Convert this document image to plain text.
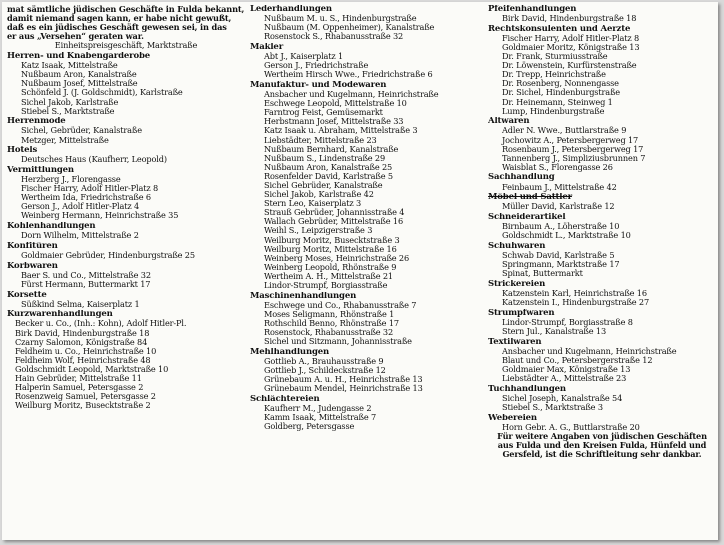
mat sämtliche jüdischen Geschäfte in Fulda bekannt,
damit niemand sagen kann, er habe nicht gewußt,
daß es ein jüdisches Geschäft gewesen sei, in das
er aus „Versehen“ geraten war.
Einheitspreisgeschäft, Marktstraße
Herren- und Knabengarderobe
Katz Isaak, Mittelstraße
Nußbaum Aron, Kanalstraße
Nußbaum Josef, Mittelstraße
Schönfeld J. (J. Goldschmidt), Karlstraße
Sichel Jakob, Karlstraße
Stiebel S., Marktstraße
Herrenmode
Sichel, Gebrüder, Kanalstraße
Metzger, Mittelstraße
Hotels
Deutsches Haus (Kaufherr, Leopold)
Vermittlungen
Herzberg J., Florengasse
Fischer Harry, Adolf Hitler-Platz 8
Wertheim Ida, Friedrichstraße 6
Gerson J., Adolf Hitler-Platz 4
Weinberg Hermann, Heinrichstraße 35
Kohlenhandlungen
Dorn Wilhelm, Mittelstraße 2
Konfitüren
Goldmaier Gebrüder, Hindenburgstraße 25
Korbwaren
Baer S. und Co., Mittelstraße 32
Fürst Hermann, Buttermarkt 17
Korsette
Süßkind Selma, Kaiserplatz 1
Kurzwarenhandlungen
Becker u. Co., (Inh.: Kohn), Adolf Hitler-Pl.
Birk David, Hindenburgstraße 18
Czarny Salomon, Königstraße 84
Feldheim u. Co., Heinrichstraße 10
Feldheim Wolf, Heinrichstraße 48
Goldschmidt Leopold, Marktstraße 10
Hain Gebrüder, Mittelstraße 11
Halperin Samuel, Petersgasse 2
Rosenzweig Samuel, Petersgasse 2
Weilburg Moritz, Busecktstraße 2
Lederhandlungen
Nußbaum M. u. S., Hindenburgstraße
Nußbaum (M. Oppenheimer), Kanalstraße
Rosenstock S., Rhabanusstraße 32
Makler
Abt J., Kaiserplatz 1
Gerson J., Friedrichstraße
Wertheim Hirsch Wwe., Friedrichstraße 6
Manufaktur- und Modewaren
Ansbacher und Kugelmann, Heinrichstraße
Eschwege Leopold, Mittelstraße 10
Farntrog Feist, Gemüsemarkt
Herbstmann Josef, Mittelstraße 33
Katz Isaak u. Abraham, Mittelstraße 3
Liebstädter, Mittelstraße 23
Nußbaum Bernhard, Kanalstraße
Nußbaum S., Lindenstraße 29
Nußbaum Aron, Kanalstraße 25
Rosenfelder David, Karlstraße 5
Sichel Gebrüder, Kanalstraße
Sichel Jakob, Karlstraße 42
Stern Leo, Kaiserplatz 3
Strauß Gebrüder, Johannisstraße 4
Wallach Gebrüder, Mittelstraße 16
Weihl S., Leipzigerstraße 3
Weilburg Moritz, Busecktstraße 3
Weilburg Moritz, Mittelstraße 16
Weinberg Moses, Heinrichstraße 26
Weinberg Leopold, Rhönstraße 9
Wertheim A. H., Mittelstraße 21
Lindor-Strumpf, Borgiasstraße
Maschinenhandlungen
Eschwege und Co., Rhabanusstraße 7
Moses Seligmann, Rhönstraße 1
Rothschild Benno, Rhönstraße 17
Rosenstock, Rhabanusstraße 32
Sichel und Sitzmann, Johannisstraße
Mehlhandlungen
Gottlieb A., Brauhausstraße 9
Gottlieb J., Schildeckstraße 12
Grünebaum A. u. H., Heinrichstraße 13
Grünebaum Mendel, Heinrichstraße 13
Schlächtereien
Kaufherr M., Judengasse 2
Kamm Isaak, Mittelstraße 7
Goldberg, Petersgasse
Pfeifenhandlungen
Birk David, Hindenburgstraße 18
Rechtskonsulenten und Aerzte
Fischer Harry, Adolf Hitler-Platz 8
Goldmaier Moritz, Königstraße 13
Dr. Frank, Sturmiusstraße
Dr. Löwenstein, Kurfürstenstraße
Dr. Trepp, Heinrichstraße
Dr. Rosenberg, Nonnengasse
Dr. Sichel, Hindenburgstraße
Dr. Heinemann, Steinweg 1
Lump, Hindenburgstraße
Altwaren
Adler N. Wwe., Buttlarstraße 9
Jochowitz A., Petersbergerweg 17
Rosenbaum J., Petersbergerweg 17
Tannenberg J., Simpliziusbrunnen 7
Waisblat S., Florengasse 26
Sachhandlung
Feinbaum J., Mittelstraße 42
Möbel und Sattler
Müller David, Karlstraße 12
Schneiderartikel
Birnbaum A., Löherstraße 10
Goldschmidt L., Marktstraße 10
Schuhwaren
Schwab David, Karlstraße 5
Springmann, Marktstraße 17
Spinat, Buttermarkt
Strickereien
Katzenstein Karl, Heinrichstraße 16
Katzenstein I., Hindenburgstraße 27
Strumpfwaren
Lindor-Strumpf, Borgiasstraße 8
Stern Jul., Kanalstraße 13
Textilwaren
Ansbacher und Kugelmann, Heinrichstraße
Blaut und Co., Petersbergerstraße 12
Goldmaier Max, Königstraße 13
Liebstädter A., Mittelstraße 23
Tuchhandlungen
Sichel Joseph, Kanalstraße 54
Stiebel S., Marktstraße 3
Webereien
Horn Gebr. A. G., Buttlarstraße 20
Für weitere Angaben von jüdischen Geschäften
aus Fulda und den Kreisen Fulda, Hünfeld und
Gersfeld, ist die Schriftleitung sehr dankbar.
